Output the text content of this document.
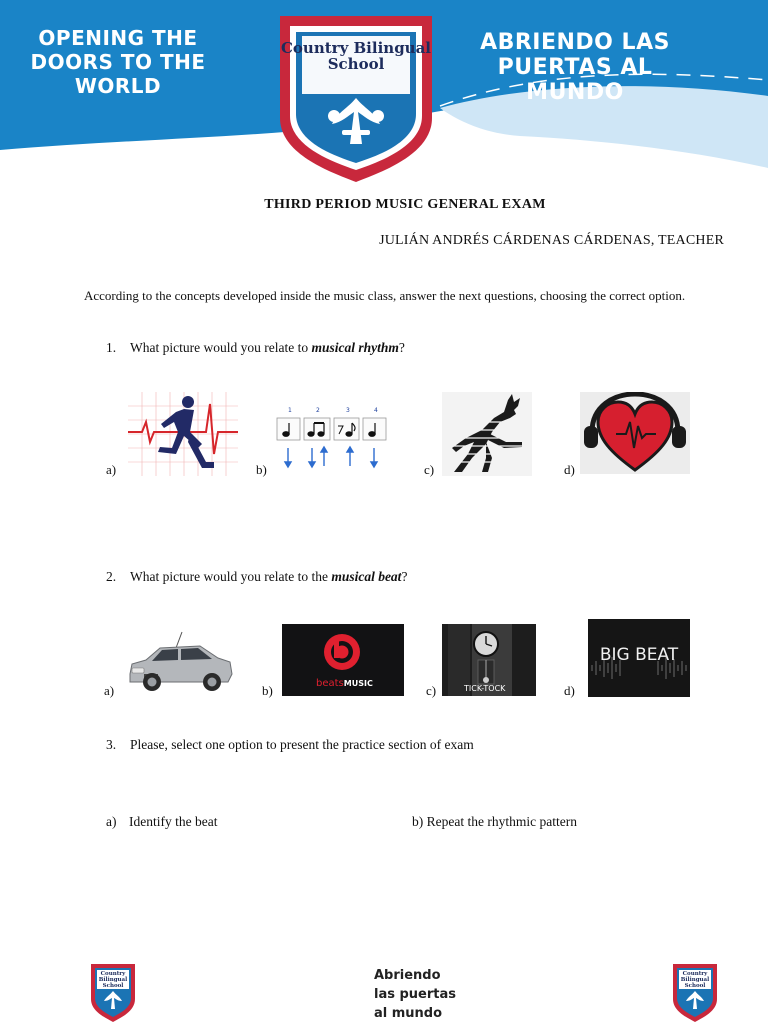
OPENING THE DOORS TO THE WORLD
ABRIENDO LAS PUERTAS AL MUNDO
Country Bilingual School
THIRD PERIOD MUSIC GENERAL EXAM
JULIÁN ANDRÉS CÁRDENAS CÁRDENAS, TEACHER
According to the concepts developed inside the music class, answer the next questions, choosing the correct option.
1. What picture would you relate to musical rhythm?
a)	b)	c)	d)
1	2	3	4
2. What picture would you relate to the musical beat?
a)	b)	c)	d)
beatsMUSIC
TICK-TOCK
BIG BEAT
3. Please, select one option to present the practice section of exam
a) Identify the beat	b) Repeat the rhythmic pattern
Country Bilingual School
Abriendo
las puertas
al mundo
Country Bilingual School
